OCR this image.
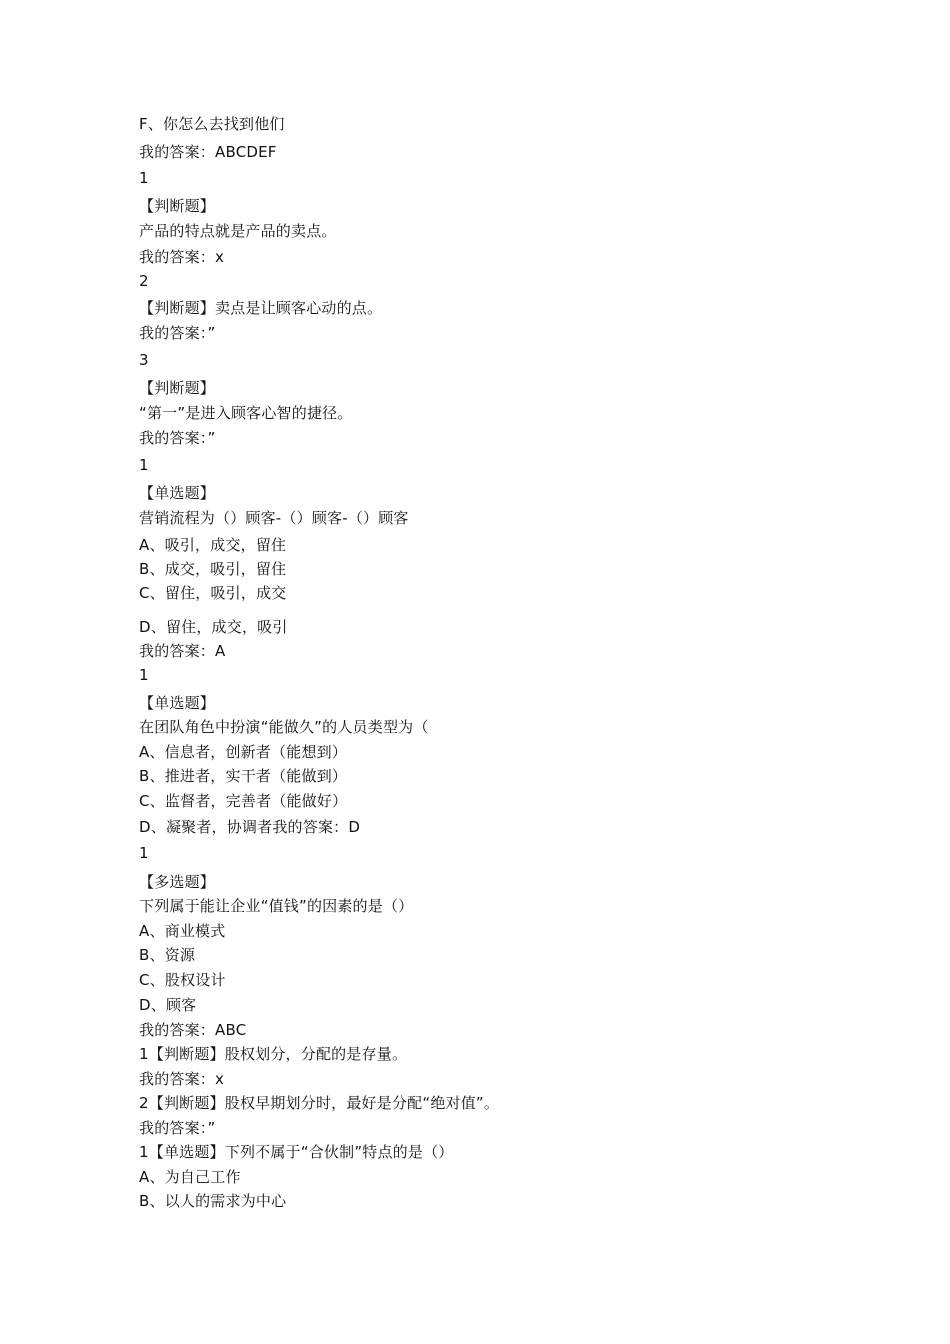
F、你怎么去找到他们
我的答案：ABCDEF
1
【判断题】
产品的特点就是产品的卖点。
我的答案：x
2
【判断题】卖点是让顾客心动的点。
我的答案：”
3
【判断题】
“第一”是进入顾客心智的捷径。
我的答案：”
1
【单选题】
营销流程为（）顾客-（）顾客-（）顾客
A、吸引，成交，留住
B、成交，吸引，留住
C、留住，吸引，成交
D、留住，成交，吸引
我的答案：A
1
【单选题】
在团队角色中扮演“能做久”的人员类型为（
A、信息者，创新者（能想到）
B、推进者，实干者（能做到）
C、监督者，完善者（能做好）
D、凝聚者，协调者我的答案：D
1
【多选题】
下列属于能让企业“值钱”的因素的是（）
A、商业模式
B、资源
C、股权设计
D、顾客
我的答案：ABC
1【判断题】股权划分，分配的是存量。
我的答案：x
2【判断题】股权早期划分时，最好是分配“绝对值”。
我的答案：”
1【单选题】下列不属于“合伙制”特点的是（）
A、为自己工作
B、以人的需求为中心
